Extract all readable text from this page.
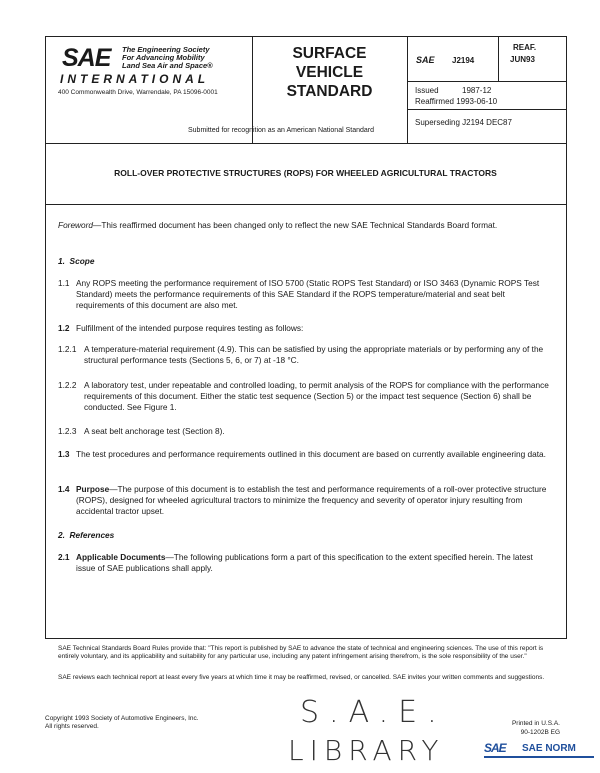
SAE The Engineering Society
For Advancing Mobility
Land Sea Air and Space®
INTERNATIONAL
400 Commonwealth Drive, Warrendale, PA 15096-0001
SURFACE
VEHICLE
STANDARD
SAE J2194
REAF.
JUN93
Issued	1987-12
Reaffirmed 1993-06-10
Superseding J2194 DEC87
Submitted for recognition as an American National Standard
ROLL-OVER PROTECTIVE STRUCTURES (ROPS) FOR WHEELED AGRICULTURAL TRACTORS
Foreword—This reaffirmed document has been changed only to reflect the new SAE Technical Standards Board format.
1. Scope
1.1 Any ROPS meeting the performance requirement of ISO 5700 (Static ROPS Test Standard) or ISO 3463 (Dynamic ROPS Test Standard) meets the performance requirements of this SAE Standard if the ROPS temperature/material and seat belt requirements of this document are also met.
1.2 Fulfillment of the intended purpose requires testing as follows:
1.2.1 A temperature-material requirement (4.9). This can be satisfied by using the appropriate materials or by performing any of the structural performance tests (Sections 5, 6, or 7) at -18 °C.
1.2.2 A laboratory test, under repeatable and controlled loading, to permit analysis of the ROPS for compliance with the performance requirements of this document. Either the static test sequence (Section 5) or the impact test sequence (Section 6) shall be conducted. See Figure 1.
1.2.3 A seat belt anchorage test (Section 8).
1.3 The test procedures and performance requirements outlined in this document are based on currently available engineering data.
1.4 Purpose—The purpose of this document is to establish the test and performance requirements of a roll-over protective structure (ROPS), designed for wheeled agricultural tractors to minimize the frequency and severity of operator injury resulting from accidental tractor upset.
2. References
2.1 Applicable Documents—The following publications form a part of this specification to the extent specified herein. The latest issue of SAE publications shall apply.
SAE Technical Standards Board Rules provide that: "This report is published by SAE to advance the state of technical and engineering sciences. The use of this report is entirely voluntary, and its applicability and suitability for any particular use, including any patent infringement arising therefrom, is the sole responsibility of the user."
SAE reviews each technical report at least every five years at which time it may be reaffirmed, revised, or cancelled. SAE invites your written comments and suggestions.
Copyright 1993 Society of Automotive Engineers, Inc.
All rights reserved.	S.A.E.
LIBRARY
Printed in U.S.A.
90-1202B EG
SAE SAE NORM
